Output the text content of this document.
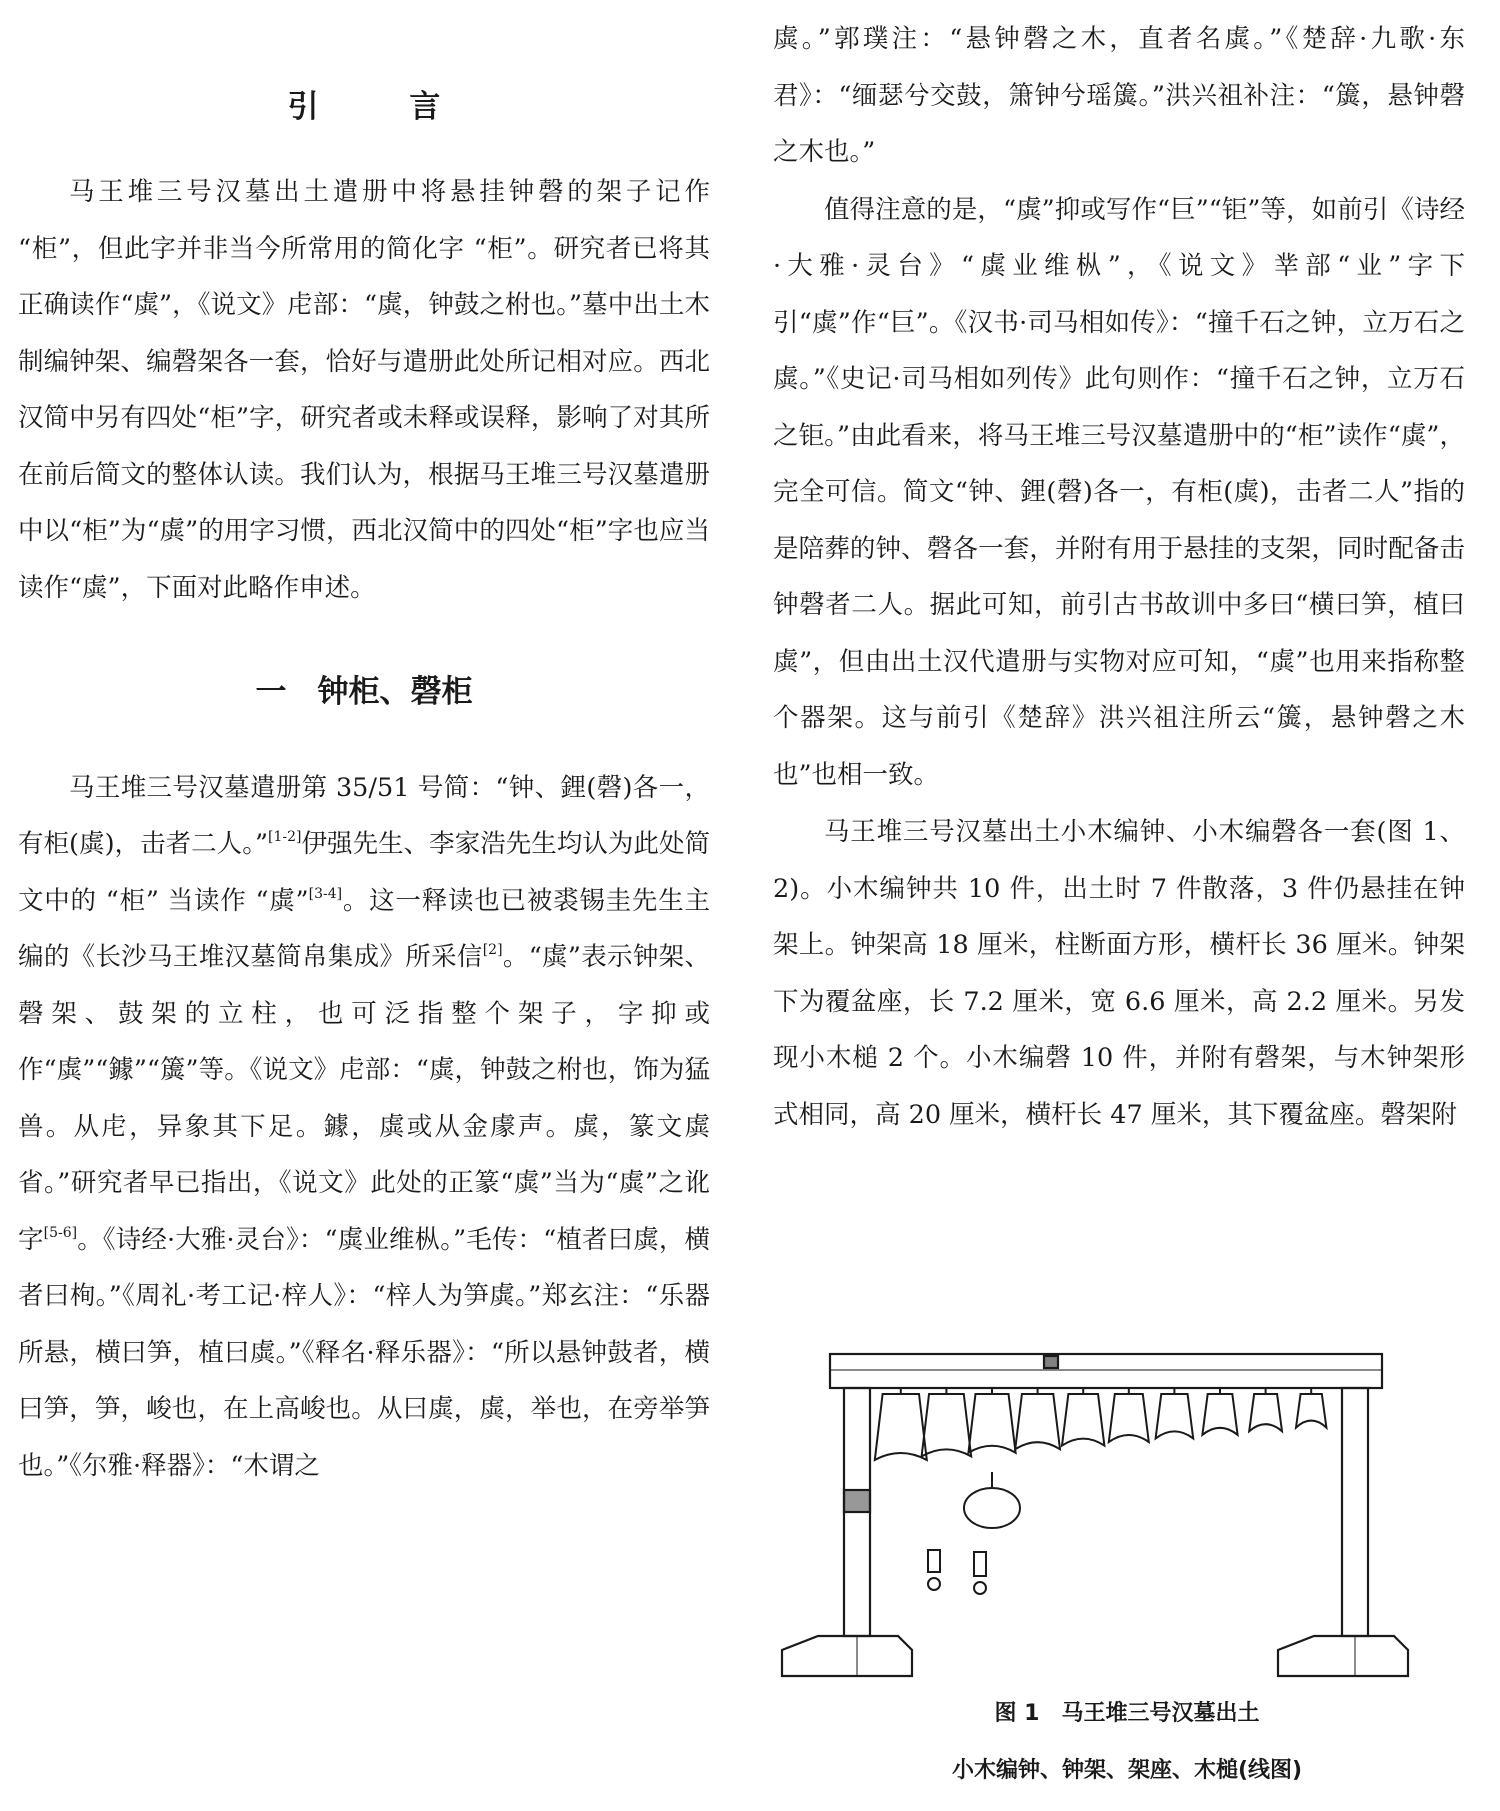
引 言

马王堆三号汉墓出土遣册中将悬挂钟磬的架子记作 “柜”，但此字并非当今所常用的简化字 “柜”。研究者已将其正确读作“虡”，《说文》虍部：“虡，钟鼓之柎也。”墓中出土木制编钟架、编磬架各一套，恰好与遣册此处所记相对应。西北汉简中另有四处“柜”字，研究者或未释或误释，影响了对其所在前后简文的整体认读。我们认为，根据马王堆三号汉墓遣册中以“柜”为“虡”的用字习惯，西北汉简中的四处“柜”字也应当读作“虡”，下面对此略作申述。

一　钟柜、磬柜

马王堆三号汉墓遣册第 35/51 号简：“钟、鋰(磬)各一，有柜(虡)，击者二人。”[1-2]伊强先生、李家浩先生均认为此处简文中的 “柜” 当读作 “虡”[3-4]。这一释读也已被裘锡圭先生主编的《长沙马王堆汉墓简帛集成》所采信[2]。“虡”表示钟架、磬架、鼓架的立柱，也可泛指整个架子，字抑或作“虡”“鐻”“簴”等。《说文》虍部：“虡，钟鼓之柎也，饰为猛兽。从虍，异象其下足。鐻，虡或从金豦声。虡，篆文虡省。”研究者早已指出，《说文》此处的正篆“虡”当为“虡”之讹字[5-6]。《诗经·大雅·灵台》：“虡业维枞。”毛传：“植者曰虡，横者曰栒。”《周礼·考工记·梓人》：“梓人为笋虡。”郑玄注：“乐器所悬，横曰笋，植曰虡。”《释名·释乐器》：“所以悬钟鼓者，横曰笋，笋，峻也，在上高峻也。从曰虡，虡，举也，在旁举笋也。”《尔雅·释器》：“木谓之

虡。”郭璞注：“悬钟磬之木，直者名虡。”《楚辞·九歌·东君》：“缅瑟兮交鼓，箫钟兮瑶簴。”洪兴祖补注：“簴，悬钟磬之木也。”

值得注意的是，“虡”抑或写作“巨”“钜”等，如前引《诗经·大雅·灵台》“虡业维枞”，《说文》丵部“业”字下引“虡”作“巨”。《汉书·司马相如传》：“撞千石之钟，立万石之虡。”《史记·司马相如列传》此句则作：“撞千石之钟，立万石之钜。”由此看来，将马王堆三号汉墓遣册中的“柜”读作“虡”，完全可信。简文“钟、鋰(磬)各一，有柜(虡)，击者二人”指的是陪葬的钟、磬各一套，并附有用于悬挂的支架，同时配备击钟磬者二人。据此可知，前引古书故训中多曰“横曰笋，植曰虡”，但由出土汉代遣册与实物对应可知，“虡”也用来指称整个器架。这与前引《楚辞》洪兴祖注所云“簴，悬钟磬之木也”也相一致。

马王堆三号汉墓出土小木编钟、小木编磬各一套(图 1、2)。小木编钟共 10 件，出土时 7 件散落，3 件仍悬挂在钟架上。钟架高 18 厘米，柱断面方形，横杆长 36 厘米。钟架下为覆盆座，长 7.2 厘米，宽 6.6 厘米，高 2.2 厘米。另发现小木槌 2 个。小木编磬 10 件，并附有磬架，与木钟架形式相同，高 20 厘米，横杆长 47 厘米，其下覆盆座。磬架附

图 1　马王堆三号汉墓出土
小木编钟、钟架、架座、木槌(线图)
